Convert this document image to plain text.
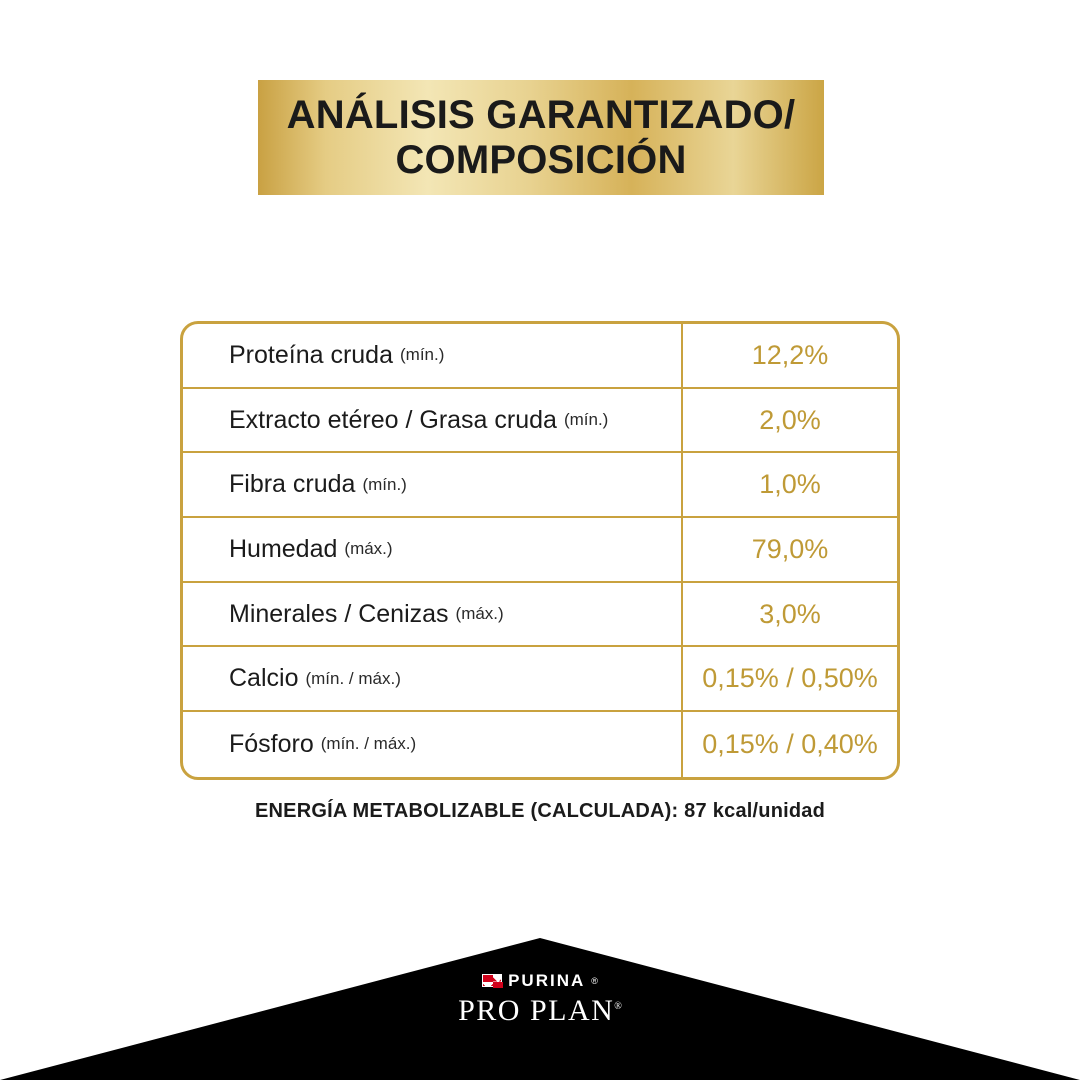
ANÁLISIS GARANTIZADO/
COMPOSICIÓN
Proteína cruda (mín.)	12,2%
Extracto etéreo / Grasa cruda (mín.)	2,0%
Fibra cruda (mín.)	1,0%
Humedad (máx.)	79,0%
Minerales / Cenizas (máx.)	3,0%
Calcio (mín. / máx.)	0,15% / 0,50%
Fósforo (mín. / máx.)	0,15% / 0,40%
ENERGÍA METABOLIZABLE (CALCULADA): 87 kcal/unidad
PURINA ®
PRO PLAN®
